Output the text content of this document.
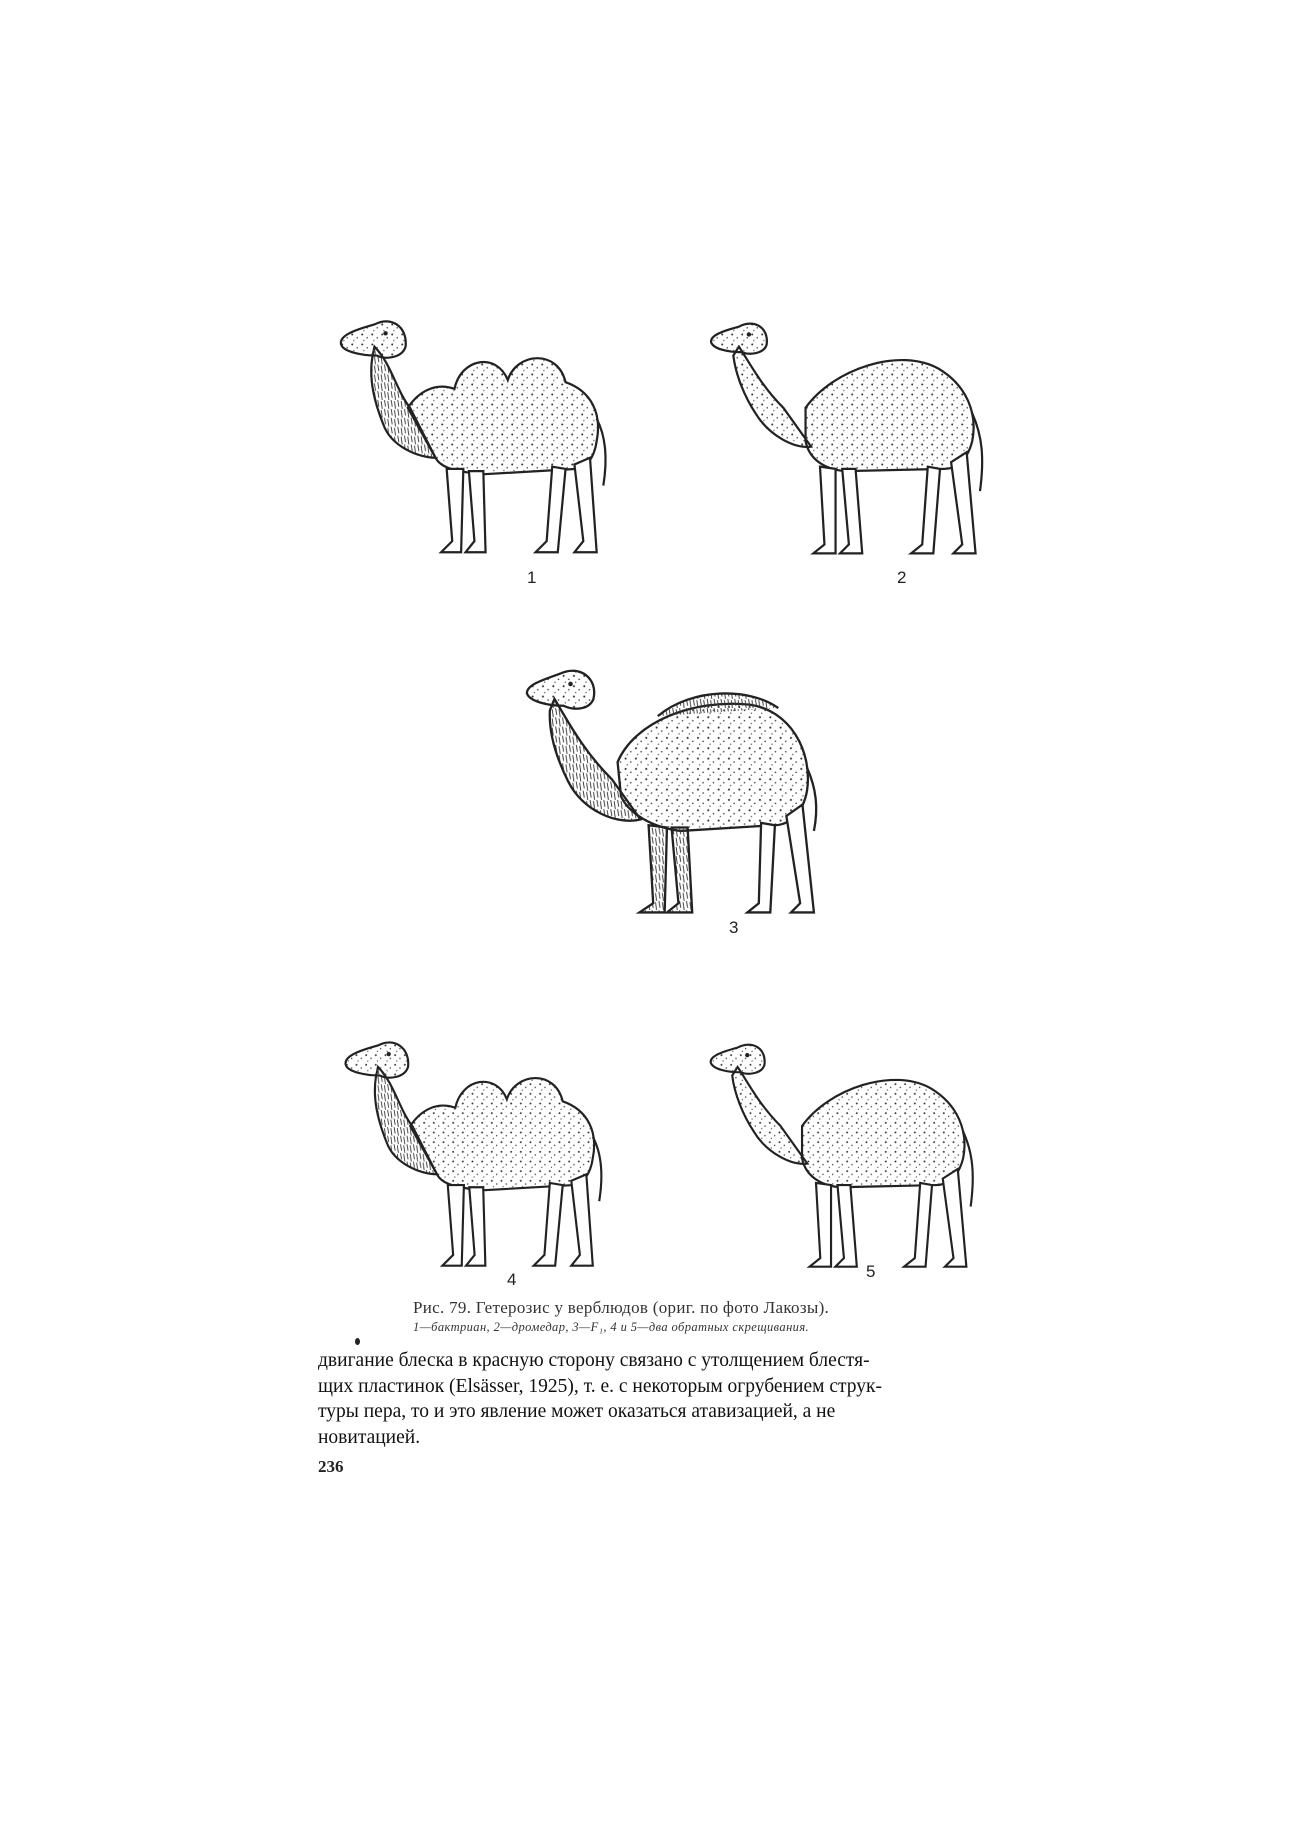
1	2
3
4	5
Рис. 79. Гетерозис у верблюдов (ориг. по фото Лакозы).
1—бактриан, 2—дромедар, 3—F₁, 4 и 5—два обратных скрещивания.
двигание блеска в красную сторону связано с утолщением блестя-
щих пластинок (Elsässer, 1925), т. е. с некоторым огрубением струк-
туры пера, то и это явление может оказаться атавизацией, а не
новитацией.
236
